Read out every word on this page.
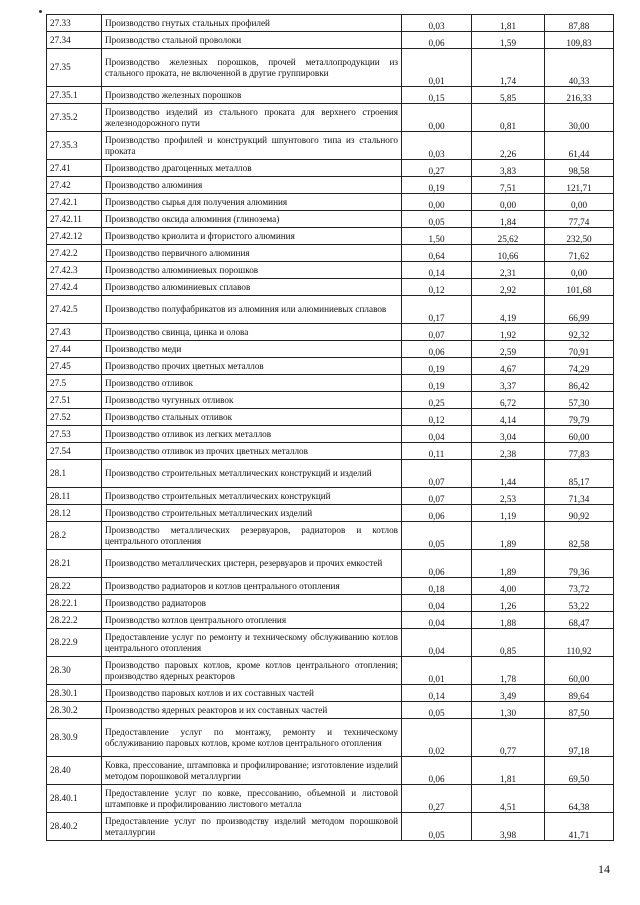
27.33	Производство гнутых стальных профилей	0,03	1,81	87,88
27.34	Производство стальной проволоки	0,06	1,59	109,83
27.35	Производство железных порошков, прочей металлопродукции из стального проката, не включенной в другие группировки	0,01	1,74	40,33
27.35.1	Производство железных порошков	0,15	5,85	216,33
27.35.2	Производство изделий из стального проката для верхнего строения железнодорожного пути	0,00	0,81	30,00
27.35.3	Производство профилей и конструкций шпунтового типа из стального проката	0,03	2,26	61,44
27.41	Производство драгоценных металлов	0,27	3,83	98,58
27.42	Производство алюминия	0,19	7,51	121,71
27.42.1	Производство сырья для получения алюминия	0,00	0,00	0,00
27.42.11	Производство оксида алюминия (глинозема)	0,05	1,84	77,74
27.42.12	Производство криолита и фтористого алюминия	1,50	25,62	232,50
27.42.2	Производство первичного алюминия	0,64	10,66	71,62
27.42.3	Производство алюминиевых порошков	0,14	2,31	0,00
27.42.4	Производство алюминиевых сплавов	0,12	2,92	101,68
27.42.5	Производство полуфабрикатов из алюминия или алюминиевых сплавов	0,17	4,19	66,99
27.43	Производство свинца, цинка и олова	0,07	1,92	92,32
27.44	Производство меди	0,06	2,59	70,91
27.45	Производство прочих цветных металлов	0,19	4,67	74,29
27.5	Производство отливок	0,19	3,37	86,42
27.51	Производство чугунных отливок	0,25	6,72	57,30
27.52	Производство стальных отливок	0,12	4,14	79,79
27.53	Производство отливок из легких металлов	0,04	3,04	60,00
27.54	Производство отливок из прочих цветных металлов	0,11	2,38	77,83
28.1	Производство строительных металлических конструкций и изделий	0,07	1,44	85,17
28.11	Производство строительных металлических конструкций	0,07	2,53	71,34
28.12	Производство строительных металлических изделий	0,06	1,19	90,92
28.2	Производство металлических резервуаров, радиаторов и котлов центрального отопления	0,05	1,89	82,58
28.21	Производство металлических цистерн, резервуаров и прочих емкостей	0,06	1,89	79,36
28.22	Производство радиаторов и котлов центрального отопления	0,18	4,00	73,72
28.22.1	Производство радиаторов	0,04	1,26	53,22
28.22.2	Производство котлов центрального отопления	0,04	1,88	68,47
28.22.9	Предоставление услуг по ремонту и техническому обслуживанию котлов центрального отопления	0,04	0,85	110,92
28.30	Производство паровых котлов, кроме котлов центрального отопления; производство ядерных реакторов	0,01	1,78	60,00
28.30.1	Производство паровых котлов и их составных частей	0,14	3,49	89,64
28.30.2	Производство ядерных реакторов и их составных частей	0,05	1,30	87,50
28.30.9	Предоставление услуг по монтажу, ремонту и техническому обслуживанию паровых котлов, кроме котлов центрального отопления	0,02	0,77	97,18
28.40	Ковка, прессование, штамповка и профилирование; изготовление изделий методом порошковой металлургии	0,06	1,81	69,50
28.40.1	Предоставление услуг по ковке, прессованию, объемной и листовой штамповке и профилированию листового металла	0,27	4,51	64,38
28.40.2	Предоставление услуг по производству изделий методом порошковой металлургии	0,05	3,98	41,71
14
